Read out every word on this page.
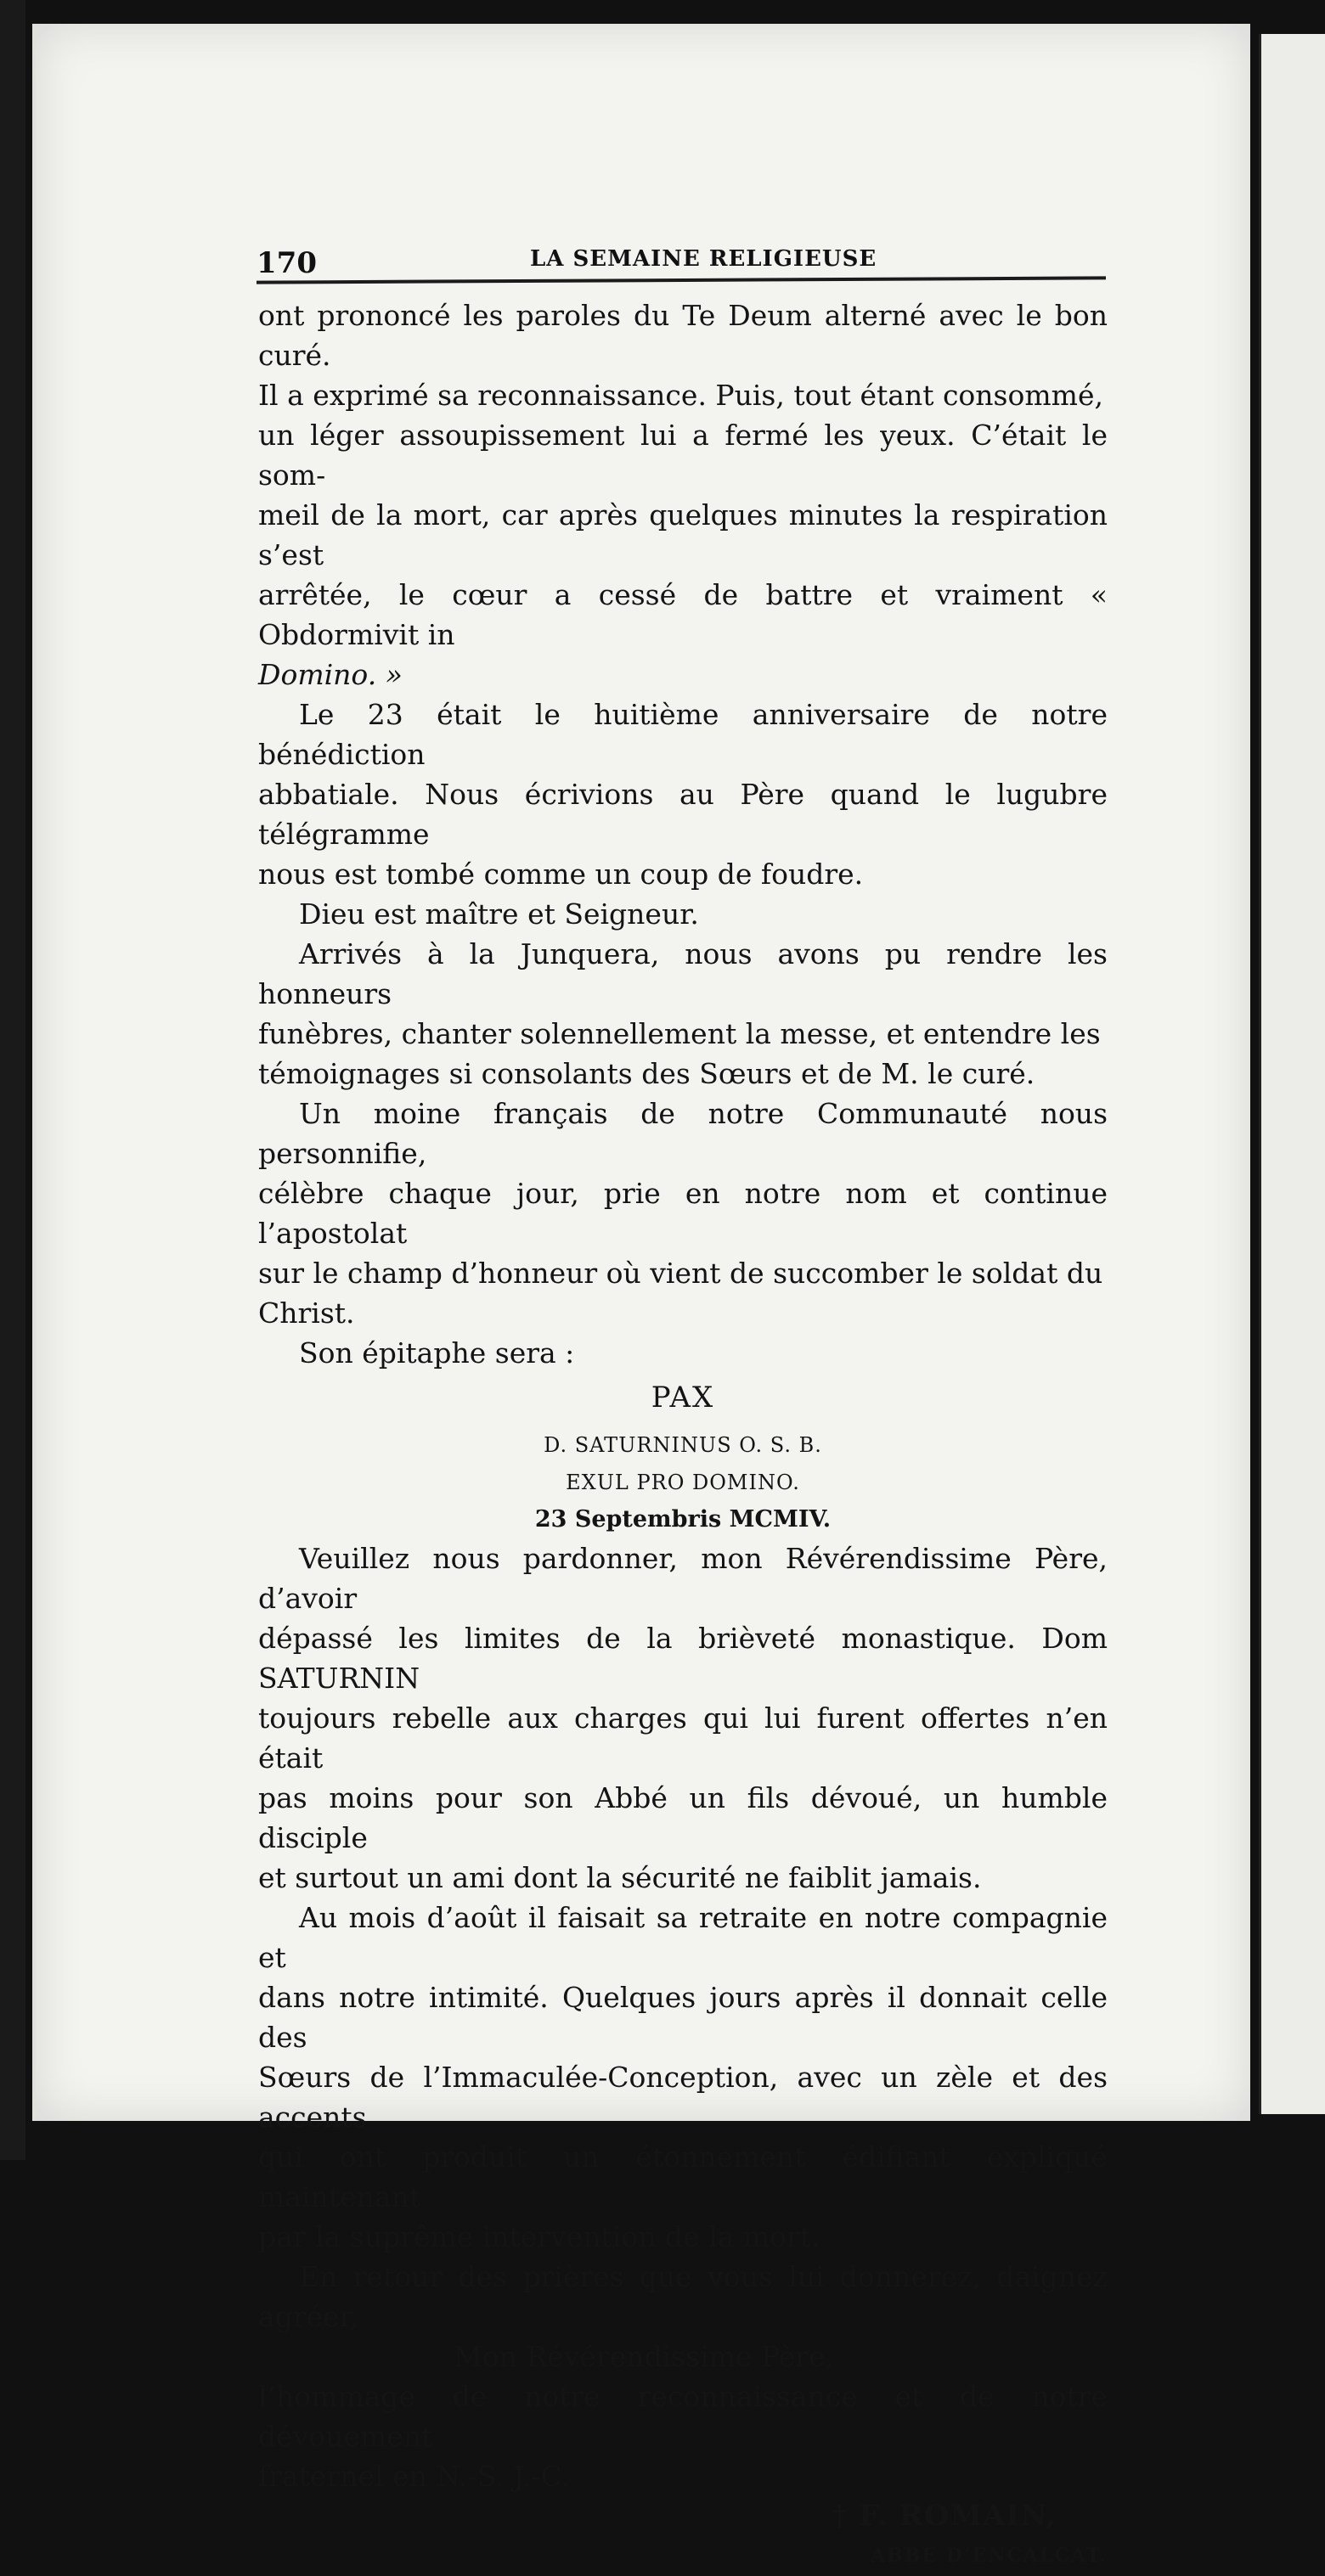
170	LA SEMAINE RELIGIEUSE
ont prononcé les paroles du Te Deum alterné avec le bon curé.
Il a exprimé sa reconnaissance. Puis, tout étant consommé,
un léger assoupissement lui a fermé les yeux. C’était le som-
meil de la mort, car après quelques minutes la respiration s’est
arrêtée, le cœur a cessé de battre et vraiment « Obdormivit in
Domino. »
Le 23 était le huitième anniversaire de notre bénédiction
abbatiale. Nous écrivions au Père quand le lugubre télégramme
nous est tombé comme un coup de foudre.
Dieu est maître et Seigneur.
Arrivés à la Junquera, nous avons pu rendre les honneurs
funèbres, chanter solennellement la messe, et entendre les
témoignages si consolants des Sœurs et de M. le curé.
Un moine français de notre Communauté nous personnifie,
célèbre chaque jour, prie en notre nom et continue l’apostolat
sur le champ d’honneur où vient de succomber le soldat du
Christ.
Son épitaphe sera :
PAX
D. SATURNINUS O. S. B.
EXUL PRO DOMINO.
23 Septembris MCMIV.
Veuillez nous pardonner, mon Révérendissime Père, d’avoir
dépassé les limites de la brièveté monastique. Dom SATURNIN
toujours rebelle aux charges qui lui furent offertes n’en était
pas moins pour son Abbé un fils dévoué, un humble disciple
et surtout un ami dont la sécurité ne faiblit jamais.
Au mois d’août il faisait sa retraite en notre compagnie et
dans notre intimité. Quelques jours après il donnait celle des
Sœurs de l’Immaculée-Conception, avec un zèle et des accents
qui ont produit un étonnement édifiant expliqué maintenant
par la suprême intervention de la mort.
En retour des prières que vous lui donnerez, daignez agréer,
Mon Révérendissime Père,
l’hommage de notre reconnaissance et de notre dévouement
fraternel en N.-S. J.-C.
† F. ROMAIN,
ABBÉ D’ENCALCAT.
